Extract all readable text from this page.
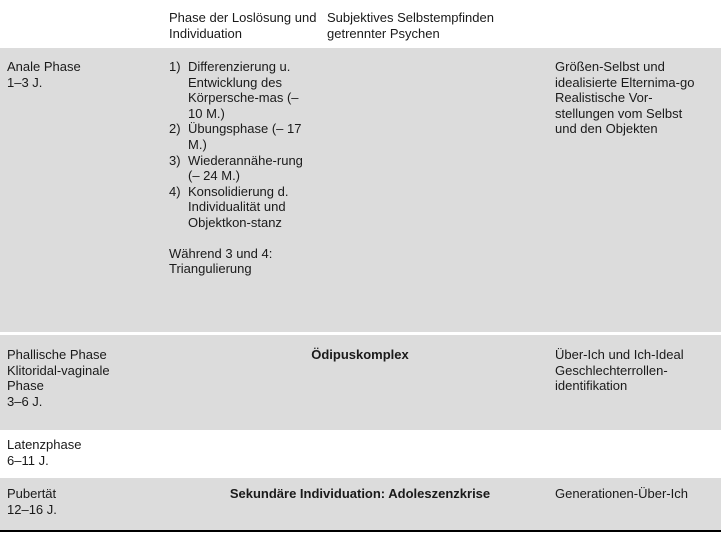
Phase der Loslösung und Individuation
Subjektives Selbstempfinden getrennter Psychen
Anale Phase
1–3 J.
1) Differenzierung u. Entwicklung des Körpersche-mas (– 10 M.)
2) Übungsphase (– 17 M.)
3) Wiederannähe-rung (– 24 M.)
4) Konsolidierung d. Individualität und Objektkon-stanz
Während 3 und 4: Triangulierung
Größen-Selbst und idealisierte Elternima-go Realistische Vor-stellungen vom Selbst und den Objekten
Phallische Phase Klitoridal-vaginale Phase
3–6 J.
Ödipuskomplex	Über-Ich und Ich-Ideal Geschlechterrollen-identifikation
Latenzphase
6–11 J.
Pubertät
12–16 J.
Sekundäre Individuation: Adoleszenzkrise	Generationen-Über-Ich
